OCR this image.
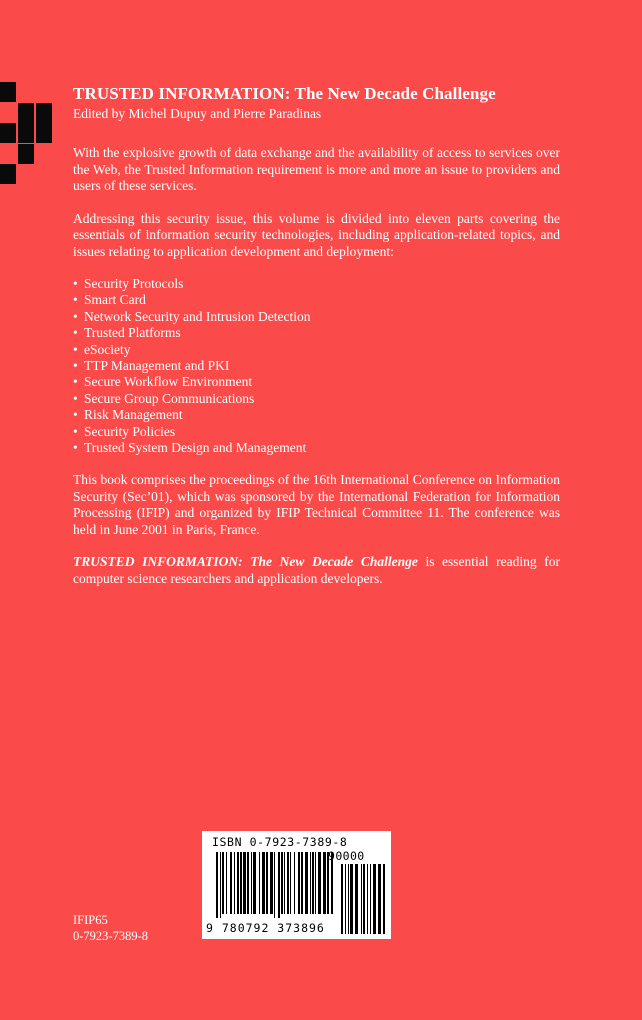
TRUSTED INFORMATION: The New Decade Challenge
Edited by Michel Dupuy and Pierre Paradinas

With the explosive growth of data exchange and the availability of access to services over the Web, the Trusted Information requirement is more and more an issue to providers and users of these services.

Addressing this security issue, this volume is divided into eleven parts covering the essentials of information security technologies, including application-related topics, and issues relating to application development and deployment:

• Security Protocols
• Smart Card
• Network Security and Intrusion Detection
• Trusted Platforms
• eSociety
• TTP Management and PKI
• Secure Workflow Environment
• Secure Group Communications
• Risk Management
• Security Policies
• Trusted System Design and Management

This book comprises the proceedings of the 16th International Conference on Information Security (Sec’01), which was sponsored by the International Federation for Information Processing (IFIP) and organized by IFIP Technical Committee 11. The conference was held in June 2001 in Paris, France.

TRUSTED INFORMATION: The New Decade Challenge is essential reading for computer science researchers and application developers.

ISBN 0-7923-7389-8
90000
9 780792 373896
IFIP65
0-7923-7389-8
